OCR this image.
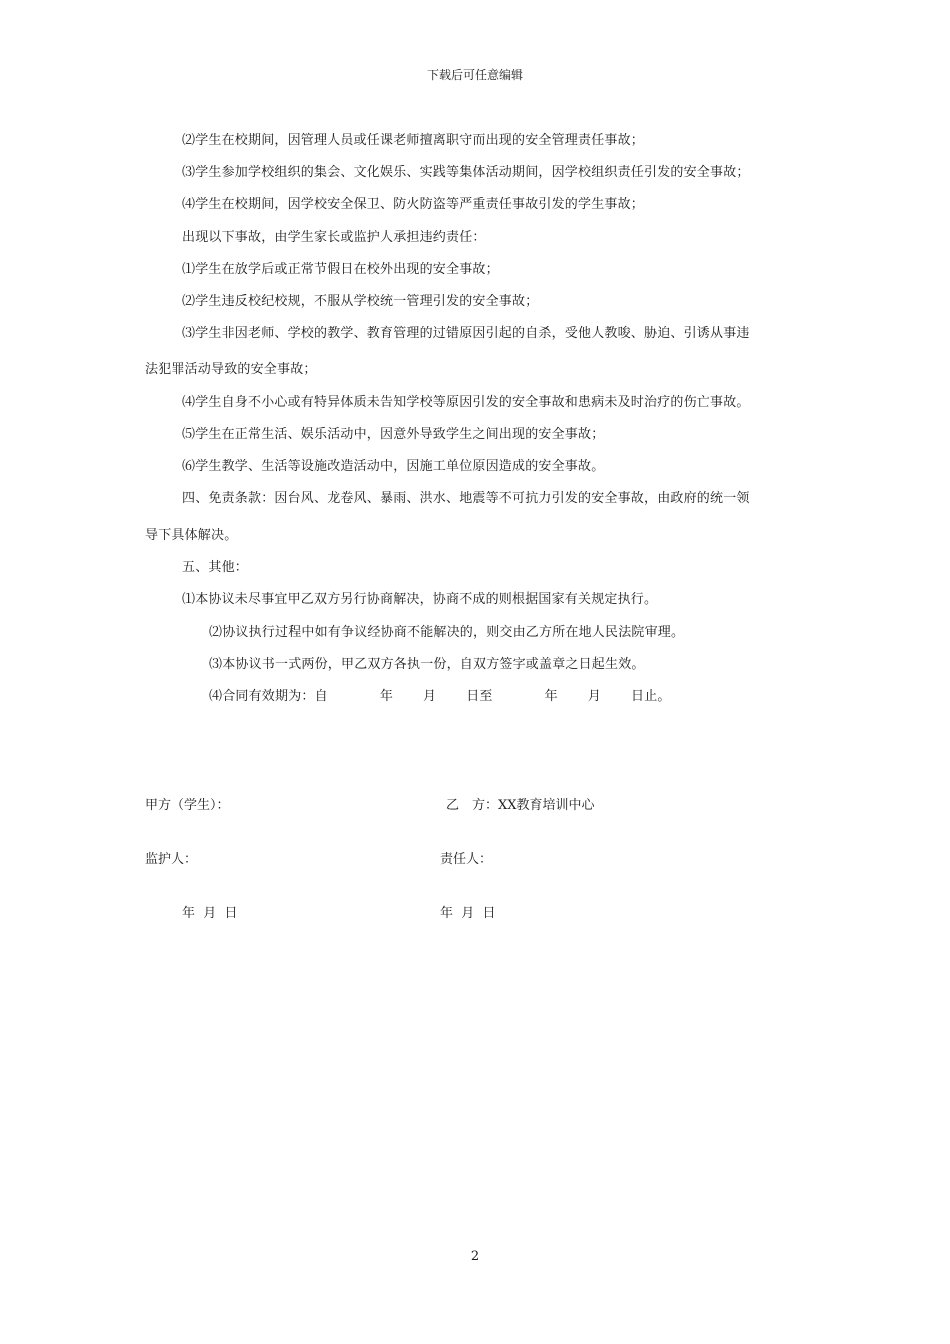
下载后可任意编辑
⑵学生在校期间，因管理人员或任课老师擅离职守而出现的安全管理责任事故；
⑶学生参加学校组织的集会、文化娱乐、实践等集体活动期间，因学校组织责任引发的安全事故；
⑷学生在校期间，因学校安全保卫、防火防盗等严重责任事故引发的学生事故；
出现以下事故，由学生家长或监护人承担违约责任：
⑴学生在放学后或正常节假日在校外出现的安全事故；
⑵学生违反校纪校规，不服从学校统一管理引发的安全事故；
⑶学生非因老师、学校的教学、教育管理的过错原因引起的自杀，受他人教唆、胁迫、引诱从事违
法犯罪活动导致的安全事故；
⑷学生自身不小心或有特异体质未告知学校等原因引发的安全事故和患病未及时治疗的伤亡事故。
⑸学生在正常生活、娱乐活动中，因意外导致学生之间出现的安全事故；
⑹学生教学、生活等设施改造活动中，因施工单位原因造成的安全事故。
四、免责条款：因台风、龙卷风、暴雨、洪水、地震等不可抗力引发的安全事故，由政府的统一领
导下具体解决。
五、其他：
⑴本协议未尽事宜甲乙双方另行协商解决，协商不成的则根据国家有关规定执行。
⑵协议执行过程中如有争议经协商不能解决的，则交由乙方所在地人民法院审理。
⑶本协议书一式两份，甲乙双方各执一份，自双方签字或盖章之日起生效。
⑷合同有效期为：自	年 月 日至	年 月 日止。
甲方（学生）：	乙　方：XX教育培训中心
监护人：	责任人：
年  月  日	年  月  日
2
